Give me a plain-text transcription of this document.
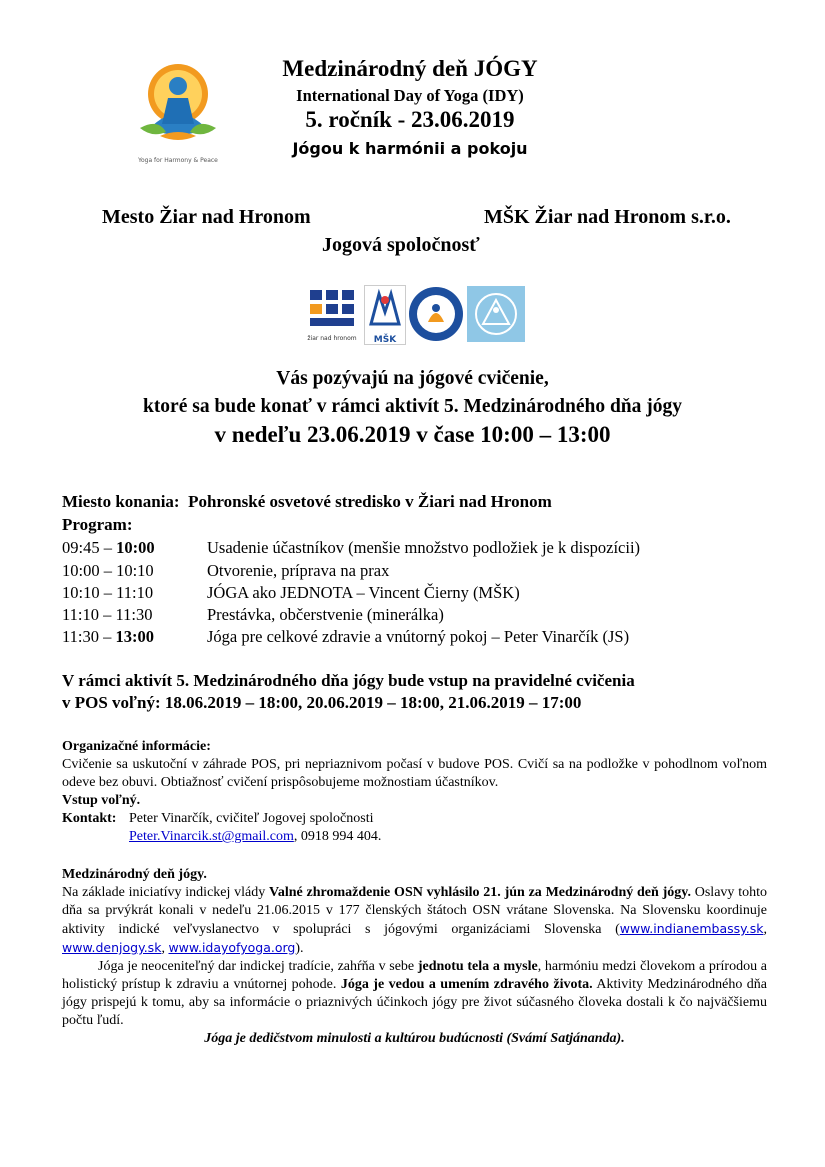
Yoga for Harmony & Peace
Medzinárodný deň JÓGY
International Day of Yoga (IDY)
5. ročník - 23.06.2019
Jógou k harmónii a pokoju
Mesto Žiar nad Hronom	MŠK Žiar nad Hronom s.r.o.
Jogová spoločnosť
žiar nad hronom	MŠK
Vás pozývajú na jógové cvičenie,
ktoré sa bude konať v rámci aktivít 5. Medzinárodného dňa jógy
v nedeľu 23.06.2019 v čase 10:00 – 13:00
Miesto konania: Pohronské osvetové stredisko v Žiari nad Hronom
Program:
09:45 – 10:00	Usadenie účastníkov (menšie množstvo podložiek je k dispozícii)
10:00 – 10:10	Otvorenie, príprava na prax
10:10 – 11:10	JÓGA ako JEDNOTA – Vincent Čierny (MŠK)
11:10 – 11:30	Prestávka, občerstvenie (minerálka)
11:30 – 13:00	Jóga pre celkové zdravie a vnútorný pokoj – Peter Vinarčík (JS)
V rámci aktivít 5. Medzinárodného dňa jógy bude vstup na pravidelné cvičenia
v POS voľný: 18.06.2019 – 18:00, 20.06.2019 – 18:00, 21.06.2019 – 17:00
Organizačné informácie:

Cvičenie sa uskutoční v záhrade POS, pri nepriaznivom počasí v budove POS. Cvičí sa na podložke v pohodlnom voľnom odeve bez obuvi. Obtiažnosť cvičení prispôsobujeme možnostiam účastníkov.

Vstup voľný.
Kontakt: Peter Vinarčík, cvičiteľ Jogovej spoločnosti
Peter.Vinarcik.st@gmail.com, 0918 994 404.
Medzinárodný deň jógy.

Na základe iniciatívy indickej vlády Valné zhromaždenie OSN vyhlásilo 21. jún za Medzinárodný deň jógy. Oslavy tohto dňa sa prvýkrát konali v nedeľu 21.06.2015 v 177 členských štátoch OSN vrátane Slovenska. Na Slovensku koordinuje aktivity indické veľvyslanectvo v spolupráci s jógovými organizáciami Slovenska (www.indianembassy.sk, www.denjogy.sk, www.idayofyoga.org).

Jóga je neoceniteľný dar indickej tradície, zahŕňa v sebe jednotu tela a mysle, harmóniu medzi človekom a prírodou a holistický prístup k zdraviu a vnútornej pohode. Jóga je vedou a umením zdravého života. Aktivity Medzinárodného dňa jógy prispejú k tomu, aby sa informácie o priaznivých účinkoch jógy pre život súčasného človeka dostali k čo najväčšiemu počtu ľudí.

Jóga je dedičstvom minulosti a kultúrou budúcnosti (Svámí Satjánanda).
